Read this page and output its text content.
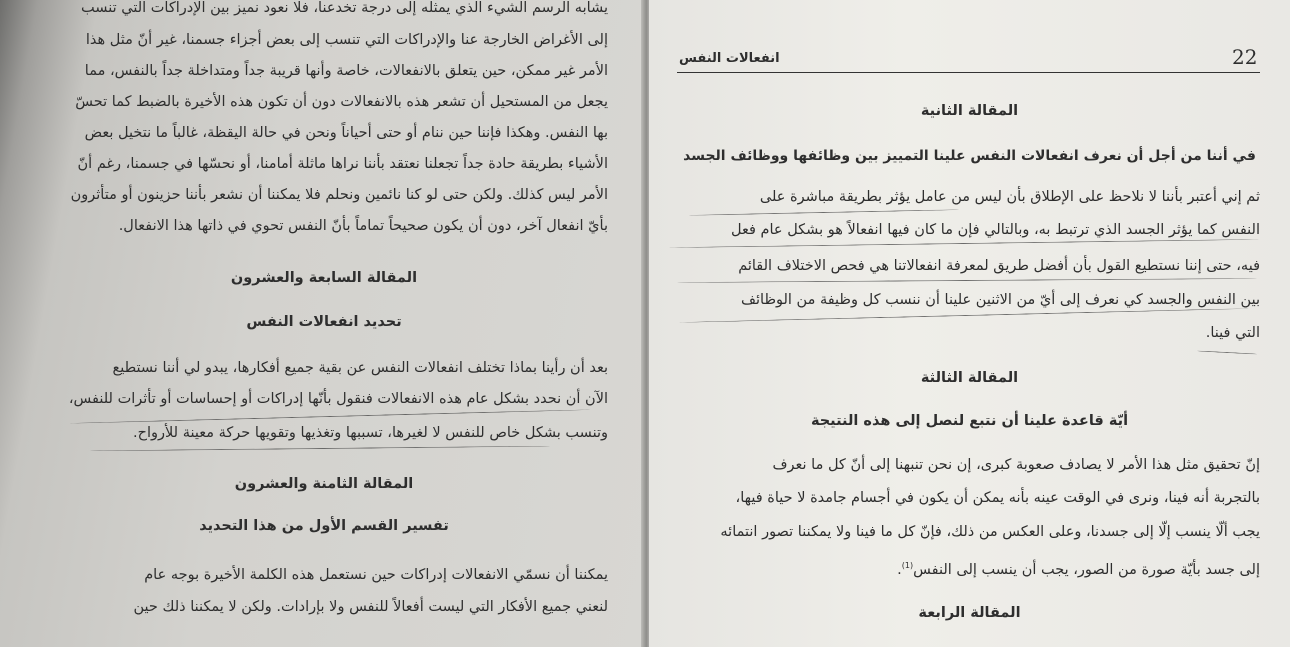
يشابه الرسم الشيء الذي يمثله إلى درجة تخدعنا، فلا نعود نميز بين الإدراكات التي تنسب
إلى الأغراض الخارجة عنا والإدراكات التي تنسب إلى بعض أجزاء جسمنا، غير أنّ مثل هذا
الأمر غير ممكن، حين يتعلق بالانفعالات، خاصة وأنها قريبة جداً ومتداخلة جداً بالنفس، مما
يجعل من المستحيل أن تشعر هذه بالانفعالات دون أن تكون هذه الأخيرة بالضبط كما تحسّ
بها النفس. وهكذا فإننا حين ننام أو حتى أحياناً ونحن في حالة اليقظة، غالباً ما نتخيل بعض
الأشياء بطريقة حادة جداً تجعلنا نعتقد بأننا نراها ماثلة أمامنا، أو نحسّها في جسمنا، رغم أنّ
الأمر ليس كذلك. ولكن حتى لو كنا نائمين ونحلم فلا يمكننا أن نشعر بأننا حزينون أو متأثرون
بأيّ انفعال آخر، دون أن يكون صحيحاً تماماً بأنّ النفس تحوي في ذاتها هذا الانفعال.
المقالة السابعة والعشرون
تحديد انفعالات النفس
بعد أن رأينا بماذا تختلف انفعالات النفس عن بقية جميع أفكارها، يبدو لي أننا نستطيع
الآن أن نحدد بشكل عام هذه الانفعالات فنقول بأنّها إدراكات أو إحساسات أو تأثرات للنفس،
وتنسب بشكل خاص للنفس لا لغيرها، تسببها وتغذيها وتقويها حركة معينة للأرواح.
المقالة الثامنة والعشرون
تفسير القسم الأول من هذا التحديد
يمكننا أن نسمّي الانفعالات إدراكات حين نستعمل هذه الكلمة الأخيرة بوجه عام
لنعني جميع الأفكار التي ليست أفعالاً للنفس ولا بإرادات. ولكن لا يمكننا ذلك حين
22
انفعالات النفس
المقالة الثانية
في أننا من أجل أن نعرف انفعالات النفس علينا التمييز بين وظائفها ووظائف الجسد
ثم إني أعتبر بأننا لا نلاحظ على الإطلاق بأن ليس من عامل يؤثر بطريقة مباشرة على
النفس كما يؤثر الجسد الذي ترتبط به، وبالتالي فإن ما كان فيها انفعالاً هو بشكل عام فعل
فيه، حتى إننا نستطيع القول بأن أفضل طريق لمعرفة انفعالاتنا هي فحص الاختلاف القائم
بين النفس والجسد كي نعرف إلى أيّ من الاثنين علينا أن ننسب كل وظيفة من الوظائف
التي فينا.
المقالة الثالثة
أيّة قاعدة علينا أن نتبع لنصل إلى هذه النتيجة
إنّ تحقيق مثل هذا الأمر لا يصادف صعوبة كبرى، إن نحن تنبهنا إلى أنّ كل ما نعرف
بالتجربة أنه فينا، ونرى في الوقت عينه بأنه يمكن أن يكون في أجسام جامدة لا حياة فيها،
يجب ألّا ينسب إلّا إلى جسدنا، وعلى العكس من ذلك، فإنّ كل ما فينا ولا يمكننا تصور انتمائه
إلى جسد بأيّة صورة من الصور، يجب أن ينسب إلى النفس$^{(1)}$.
المقالة الرابعة
